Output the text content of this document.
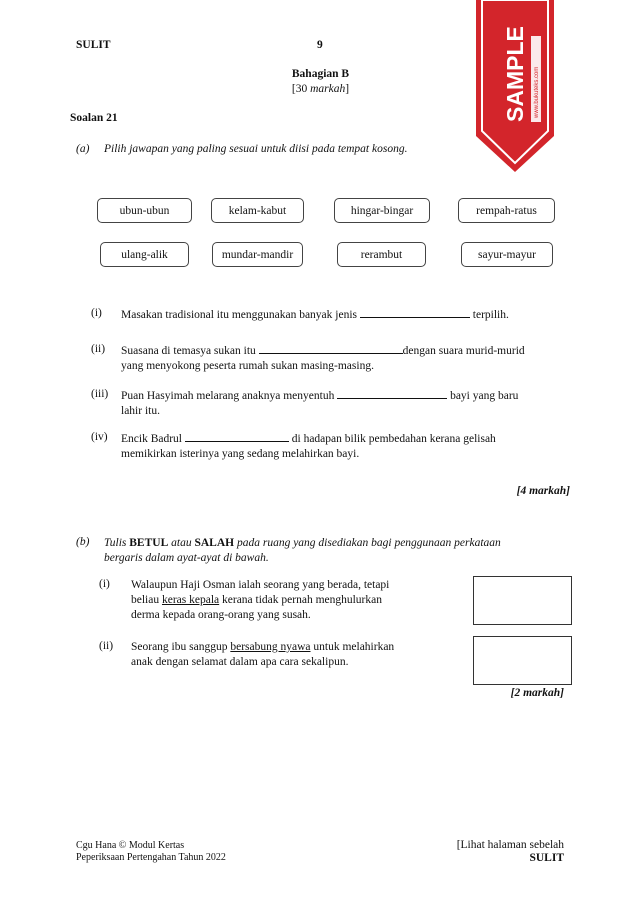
SULIT	9	SAMPLE www.bukuteks.com
Bahagian B
[30 markah]
Soalan 21
(a) Pilih jawapan yang paling sesuai untuk diisi pada tempat kosong.
ubun-ubun	kelam-kabut	hingar-bingar	rempah-ratus
ulang-alik	mundar-mandir	rerambut	sayur-mayur
(i) Masakan tradisional itu menggunakan banyak jenis	terpilih.
(ii) Suasana di temasya sukan itu	dengan suara murid-murid
yang menyokong peserta rumah sukan masing-masing.
(iii) Puan Hasyimah melarang anaknya menyentuh	bayi yang baru
lahir itu.
(iv) Encik Badrul	di hadapan bilik pembedahan kerana gelisah
memikirkan isterinya yang sedang melahirkan bayi.
[4 markah]
(b) Tulis BETUL atau SALAH pada ruang yang disediakan bagi penggunaan perkataan
bergaris dalam ayat-ayat di bawah.
(i) Walaupun Haji Osman ialah seorang yang berada, tetapi
beliau keras kepala kerana tidak pernah menghulurkan
derma kepada orang-orang yang susah.
(ii) Seorang ibu sanggup bersabung nyawa untuk melahirkan
anak dengan selamat dalam apa cara sekalipun.
[2 markah]
Cgu Hana © Modul Kertas
Peperiksaan Pertengahan Tahun 2022
[Lihat halaman sebelah
SULIT
